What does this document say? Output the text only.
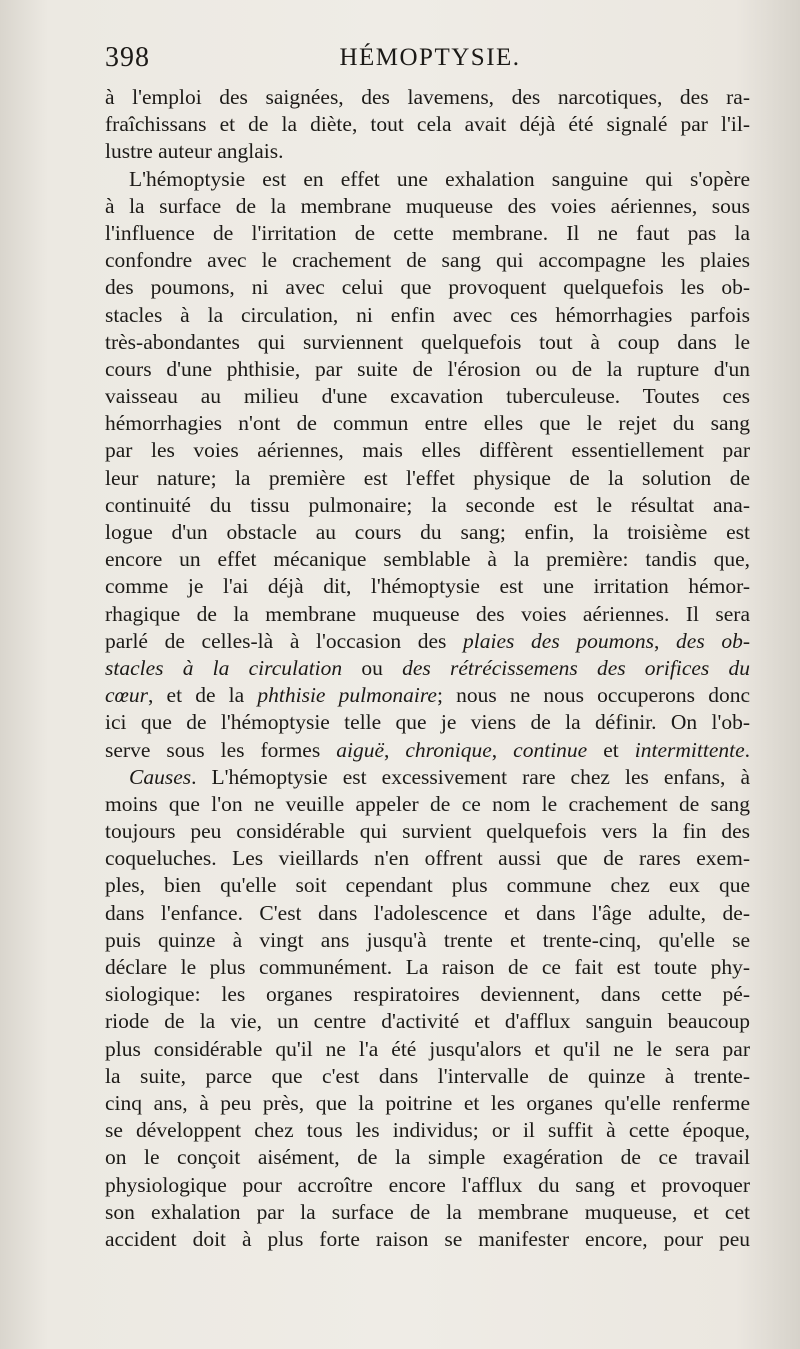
398	HÉMOPTYSIE.
à l'emploi des saignées, des lavemens, des narcotiques, des ra-
fraîchissans et de la diète, tout cela avait déjà été signalé par l'il-
lustre auteur anglais.
L'hémoptysie est en effet une exhalation sanguine qui s'opère
à la surface de la membrane muqueuse des voies aériennes, sous
l'influence de l'irritation de cette membrane. Il ne faut pas la
confondre avec le crachement de sang qui accompagne les plaies
des poumons, ni avec celui que provoquent quelquefois les ob-
stacles à la circulation, ni enfin avec ces hémorrhagies parfois
très-abondantes qui surviennent quelquefois tout à coup dans le
cours d'une phthisie, par suite de l'érosion ou de la rupture d'un
vaisseau au milieu d'une excavation tuberculeuse. Toutes ces
hémorrhagies n'ont de commun entre elles que le rejet du sang
par les voies aériennes, mais elles diffèrent essentiellement par
leur nature; la première est l'effet physique de la solution de
continuité du tissu pulmonaire; la seconde est le résultat ana-
logue d'un obstacle au cours du sang; enfin, la troisième est
encore un effet mécanique semblable à la première: tandis que,
comme je l'ai déjà dit, l'hémoptysie est une irritation hémor-
rhagique de la membrane muqueuse des voies aériennes. Il sera
parlé de celles-là à l'occasion des plaies des poumons, des ob-
stacles à la circulation ou des rétrécissemens des orifices du
cœur, et de la phthisie pulmonaire; nous ne nous occuperons donc
ici que de l'hémoptysie telle que je viens de la définir. On l'ob-
serve sous les formes aiguë, chronique, continue et intermittente.
Causes. L'hémoptysie est excessivement rare chez les enfans, à
moins que l'on ne veuille appeler de ce nom le crachement de sang
toujours peu considérable qui survient quelquefois vers la fin des
coqueluches. Les vieillards n'en offrent aussi que de rares exem-
ples, bien qu'elle soit cependant plus commune chez eux que
dans l'enfance. C'est dans l'adolescence et dans l'âge adulte, de-
puis quinze à vingt ans jusqu'à trente et trente-cinq, qu'elle se
déclare le plus communément. La raison de ce fait est toute phy-
siologique: les organes respiratoires deviennent, dans cette pé-
riode de la vie, un centre d'activité et d'afflux sanguin beaucoup
plus considérable qu'il ne l'a été jusqu'alors et qu'il ne le sera par
la suite, parce que c'est dans l'intervalle de quinze à trente-
cinq ans, à peu près, que la poitrine et les organes qu'elle renferme
se développent chez tous les individus; or il suffit à cette époque,
on le conçoit aisément, de la simple exagération de ce travail
physiologique pour accroître encore l'afflux du sang et provoquer
son exhalation par la surface de la membrane muqueuse, et cet
accident doit à plus forte raison se manifester encore, pour peu
